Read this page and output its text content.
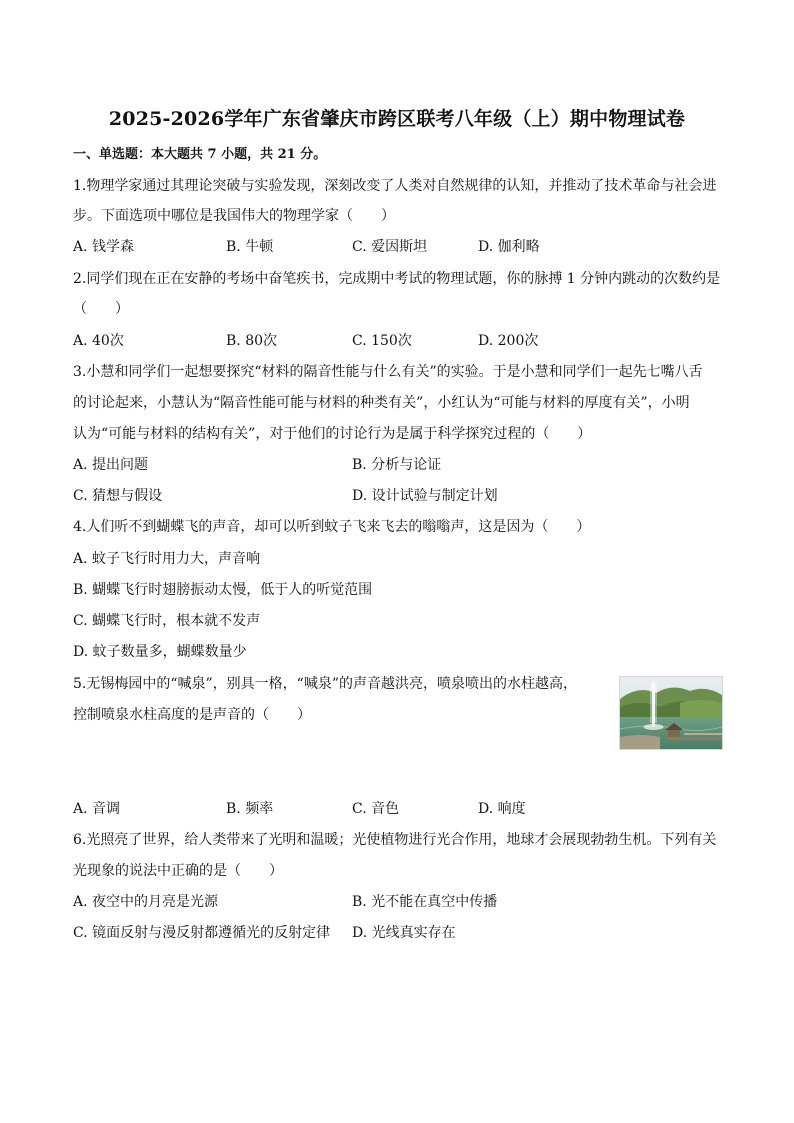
2025-2026学年广东省肇庆市跨区联考八年级（上）期中物理试卷
一、单选题：本大题共 7 小题，共 21 分。
1.物理学家通过其理论突破与实验发现，深刻改变了人类对自然规律的认知，并推动了技术革命与社会进
步。下面选项中哪位是我国伟大的物理学家（　　）
A. 钱学森	B. 牛顿	C. 爱因斯坦	D. 伽利略
2.同学们现在正在安静的考场中奋笔疾书，完成期中考试的物理试题，你的脉搏 1 分钟内跳动的次数约是
（　　）
A. 40次	B. 80次	C. 150次	D. 200次
3.小慧和同学们一起想要探究“材料的隔音性能与什么有关”的实验。于是小慧和同学们一起先七嘴八舌
的讨论起来，小慧认为“隔音性能可能与材料的种类有关”，小红认为“可能与材料的厚度有关”，小明
认为“可能与材料的结构有关”，对于他们的讨论行为是属于科学探究过程的（　　）
A. 提出问题	B. 分析与论证
C. 猜想与假设	D. 设计试验与制定计划
4.人们听不到蝴蝶飞的声音，却可以听到蚊子飞来飞去的嗡嗡声，这是因为（　　）
A. 蚊子飞行时用力大，声音响
B. 蝴蝶飞行时翅膀振动太慢，低于人的听觉范围
C. 蝴蝶飞行时，根本就不发声
D. 蚊子数量多，蝴蝶数量少
5.无锡梅园中的“喊泉”，别具一格，“喊泉”的声音越洪亮，喷泉喷出的水柱越高，
控制喷泉水柱高度的是声音的（　　）
A. 音调	B. 频率	C. 音色	D. 响度
6.光照亮了世界，给人类带来了光明和温暖；光使植物进行光合作用，地球才会展现勃勃生机。下列有关
光现象的说法中正确的是（　　）
A. 夜空中的月亮是光源	B. 光不能在真空中传播
C. 镜面反射与漫反射都遵循光的反射定律 D. 光线真实存在
